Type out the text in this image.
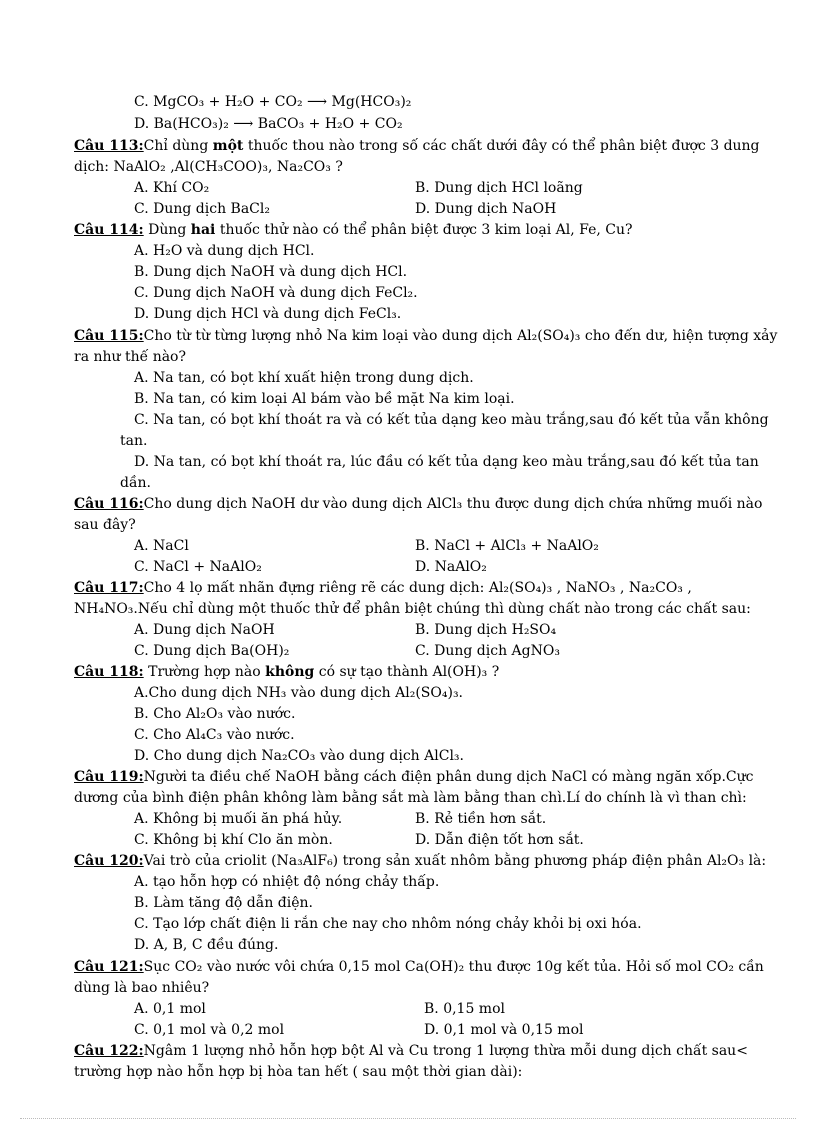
C. MgCO₃ + H₂O + CO₂ ⟶ Mg(HCO₃)₂
D. Ba(HCO₃)₂ ⟶ BaCO₃ + H₂O + CO₂
Câu 113:Chỉ dùng một thuốc thou nào trong số các chất dưới đây có thể phân biệt được 3 dung
dịch: NaAlO₂ ,Al(CH₃COO)₃, Na₂CO₃ ?
A. Khí CO₂	B. Dung dịch HCl loãng
C. Dung dịch BaCl₂	D. Dung dịch NaOH
Câu 114: Dùng hai thuốc thử nào có thể phân biệt được 3 kim loại Al, Fe, Cu?
A. H₂O và dung dịch HCl.
B. Dung dịch NaOH và dung dịch HCl.
C. Dung dịch NaOH và dung dịch FeCl₂.
D. Dung dịch HCl và dung dịch FeCl₃.
Câu 115:Cho từ từ từng lượng nhỏ Na kim loại vào dung dịch Al₂(SO₄)₃ cho đến dư, hiện tượng xảy
ra như thế nào?
A. Na tan, có bọt khí xuất hiện trong dung dịch.
B. Na tan, có kim loại Al bám vào bề mặt Na kim loại.
C. Na tan, có bọt khí thoát ra và có kết tủa dạng keo màu trắng,sau đó kết tủa vẫn không
tan.
D. Na tan, có bọt khí thoát ra, lúc đầu có kết tủa dạng keo màu trắng,sau đó kết tủa tan
dần.
Câu 116:Cho dung dịch NaOH dư vào dung dịch AlCl₃ thu được dung dịch chứa những muối nào
sau đây?
A. NaCl	B. NaCl + AlCl₃ + NaAlO₂
C. NaCl + NaAlO₂	D. NaAlO₂
Câu 117:Cho 4 lọ mất nhãn đựng riêng rẽ các dung dịch: Al₂(SO₄)₃ , NaNO₃ , Na₂CO₃ ,
NH₄NO₃.Nếu chỉ dùng một thuốc thử để phân biệt chúng thì dùng chất nào trong các chất sau:
A. Dung dịch NaOH	B. Dung dịch H₂SO₄
C. Dung dịch Ba(OH)₂	C. Dung dịch AgNO₃
Câu 118: Trường hợp nào không có sự tạo thành Al(OH)₃ ?
A.Cho dung dịch NH₃ vào dung dịch Al₂(SO₄)₃.
B. Cho Al₂O₃ vào nước.
C. Cho Al₄C₃ vào nước.
D. Cho dung dịch Na₂CO₃ vào dung dịch AlCl₃.
Câu 119:Người ta điều chế NaOH bằng cách điện phân dung dịch NaCl có màng ngăn xốp.Cực
dương của bình điện phân không làm bằng sắt mà làm bằng than chì.Lí do chính là vì than chì:
A. Không bị muối ăn phá hủy.	B. Rẻ tiền hơn sắt.
C. Không bị khí Clo ăn mòn.	D. Dẫn điện tốt hơn sắt.
Câu 120:Vai trò của criolit (Na₃AlF₆) trong sản xuất nhôm bằng phương pháp điện phân Al₂O₃ là:
A. tạo hỗn hợp có nhiệt độ nóng chảy thấp.
B. Làm tăng độ dẫn điện.
C. Tạo lớp chất điện li rắn che nay cho nhôm nóng chảy khỏi bị oxi hóa.
D. A, B, C đều đúng.
Câu 121:Sục CO₂ vào nước vôi chứa 0,15 mol Ca(OH)₂ thu được 10g kết tủa. Hỏi số mol CO₂ cần
dùng là bao nhiêu?
A. 0,1 mol	B. 0,15 mol
C. 0,1 mol và 0,2 mol	D. 0,1 mol và 0,15 mol
Câu 122:Ngâm 1 lượng nhỏ hỗn hợp bột Al và Cu trong 1 lượng thừa mỗi dung dịch chất sau<
trường hợp nào hỗn hợp bị hòa tan hết ( sau một thời gian dài):
